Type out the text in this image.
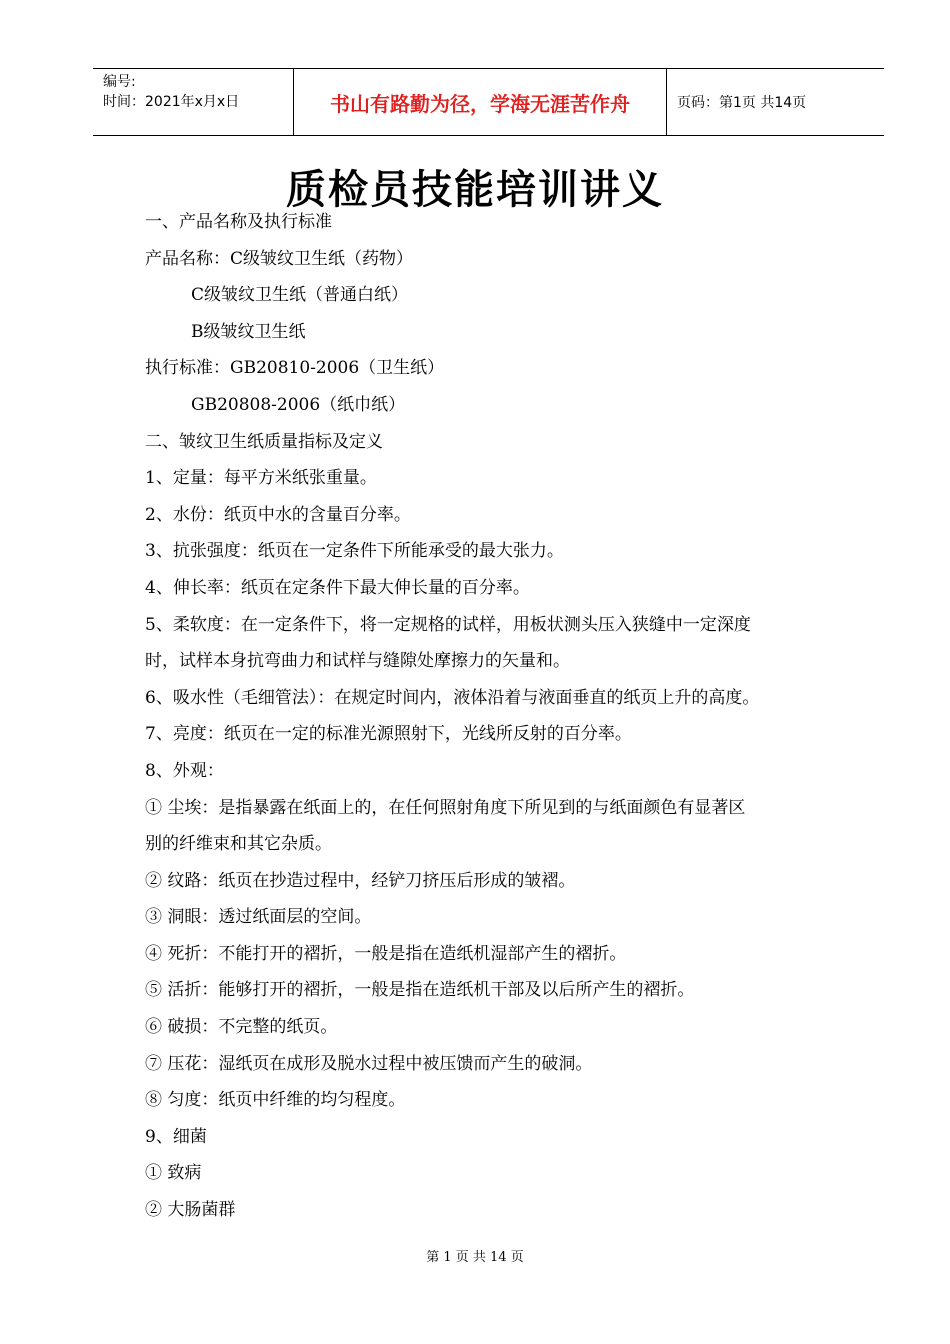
编号:
时间：2021年x月x日	书山有路勤为径，学海无涯苦作舟	页码：第1页 共14页
质检员技能培训讲义
一、产品名称及执行标准
产品名称：C级皱纹卫生纸（药物）
C级皱纹卫生纸（普通白纸）
B级皱纹卫生纸
执行标准：GB20810-2006（卫生纸）
GB20808-2006（纸巾纸）
二、皱纹卫生纸质量指标及定义
1、定量：每平方米纸张重量。
2、水份：纸页中水的含量百分率。
3、抗张强度：纸页在一定条件下所能承受的最大张力。
4、伸长率：纸页在定条件下最大伸长量的百分率。
5、柔软度：在一定条件下，将一定规格的试样，用板状测头压入狭缝中一定深度
时，试样本身抗弯曲力和试样与缝隙处摩擦力的矢量和。
6、吸水性（毛细管法）：在规定时间内，液体沿着与液面垂直的纸页上升的高度。
7、亮度：纸页在一定的标准光源照射下，光线所反射的百分率。
8、外观：
① 尘埃：是指暴露在纸面上的，在任何照射角度下所见到的与纸面颜色有显著区
别的纤维束和其它杂质。
② 纹路：纸页在抄造过程中，经铲刀挤压后形成的皱褶。
③ 洞眼：透过纸面层的空间。
④ 死折：不能打开的褶折，一般是指在造纸机湿部产生的褶折。
⑤ 活折：能够打开的褶折，一般是指在造纸机干部及以后所产生的褶折。
⑥ 破损：不完整的纸页。
⑦ 压花：湿纸页在成形及脱水过程中被压馈而产生的破洞。
⑧ 匀度：纸页中纤维的均匀程度。
9、细菌
① 致病
② 大肠菌群
第 1 页 共 14 页
